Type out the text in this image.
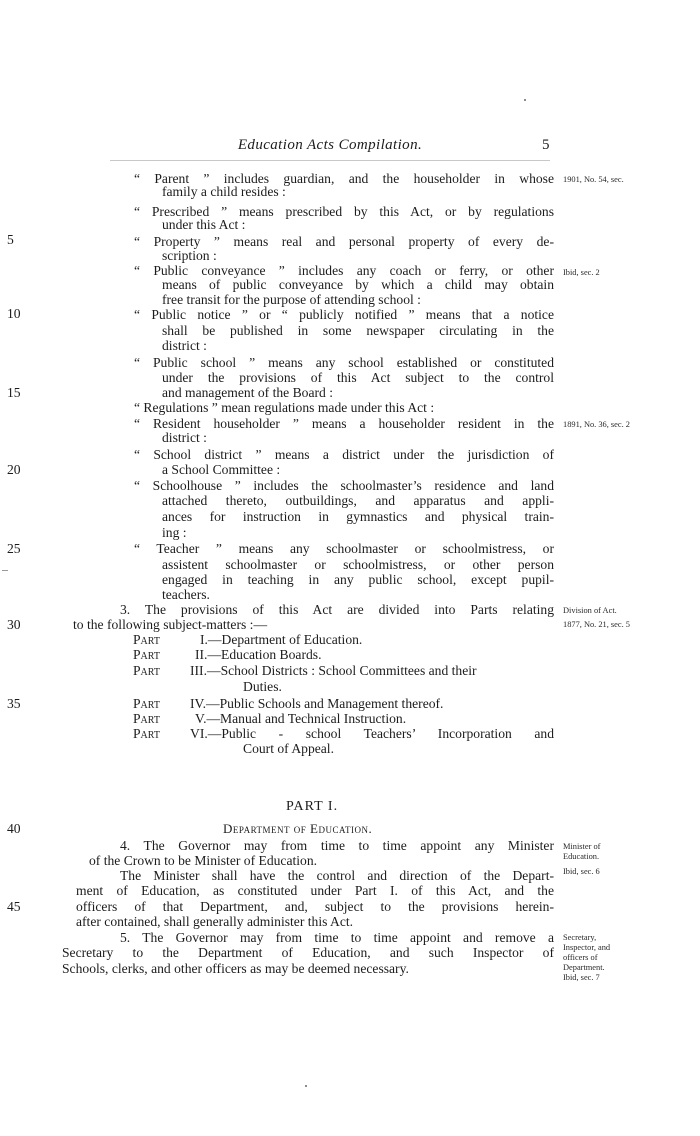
Education Acts Compilation.	5
5
10
15
20
25
30
35
40
45
“ Parent ” includes guardian, and the householder in whose
family a child resides :
“ Prescribed ” means prescribed by this Act, or by regulations
under this Act :
“ Property ” means real and personal property of every de-
scription :
“ Public conveyance ” includes any coach or ferry, or other
means of public conveyance by which a child may obtain
free transit for the purpose of attending school :
“ Public notice ” or “ publicly notified ” means that a notice
shall be published in some newspaper circulating in the
district :
“ Public school ” means any school established or constituted
under the provisions of this Act subject to the control
and management of the Board :
“ Regulations ” mean regulations made under this Act :
“ Resident householder ” means a householder resident in the
district :
“ School district ” means a district under the jurisdiction of
a School Committee :
“ Schoolhouse ” includes the schoolmaster’s residence and land
attached thereto, outbuildings, and apparatus and appli-
ances for instruction in gymnastics and physical train-
ing :
“ Teacher ” means any schoolmaster or schoolmistress, or
assistent schoolmaster or schoolmistress, or other person
engaged in teaching in any public school, except pupil-
teachers.
3. The provisions of this Act are divided into Parts relating
to the following subject-matters :—
Part	I.—Department of Education.
Part	II.—Education Boards.
Part III.—School Districts : School Committees and their
Duties.
Part IV.—Public Schools and Management thereof.
Part	V.—Manual and Technical Instruction.
Part VI.—Public - school Teachers’ Incorporation and
Court of Appeal.
PART I.
Department of Education.
4. The Governor may from time to time appoint any Minister
of the Crown to be Minister of Education.
The Minister shall have the control and direction of the Depart-
ment of Education, as constituted under Part I. of this Act, and the
officers of that Department, and, subject to the provisions herein-
after contained, shall generally administer this Act.
5. The Governor may from time to time appoint and remove a
Secretary to the Department of Education, and such Inspector of
Schools, clerks, and other officers as may be deemed necessary.
1901, No. 54, sec.
Ibid, sec. 2
1891, No. 36, sec. 2
Division of Act.
1877, No. 21, sec. 5
Minister of
Education.
Ibid, sec. 6
Secretary,
Inspector, and
officers of
Department.
Ibid, sec. 7
